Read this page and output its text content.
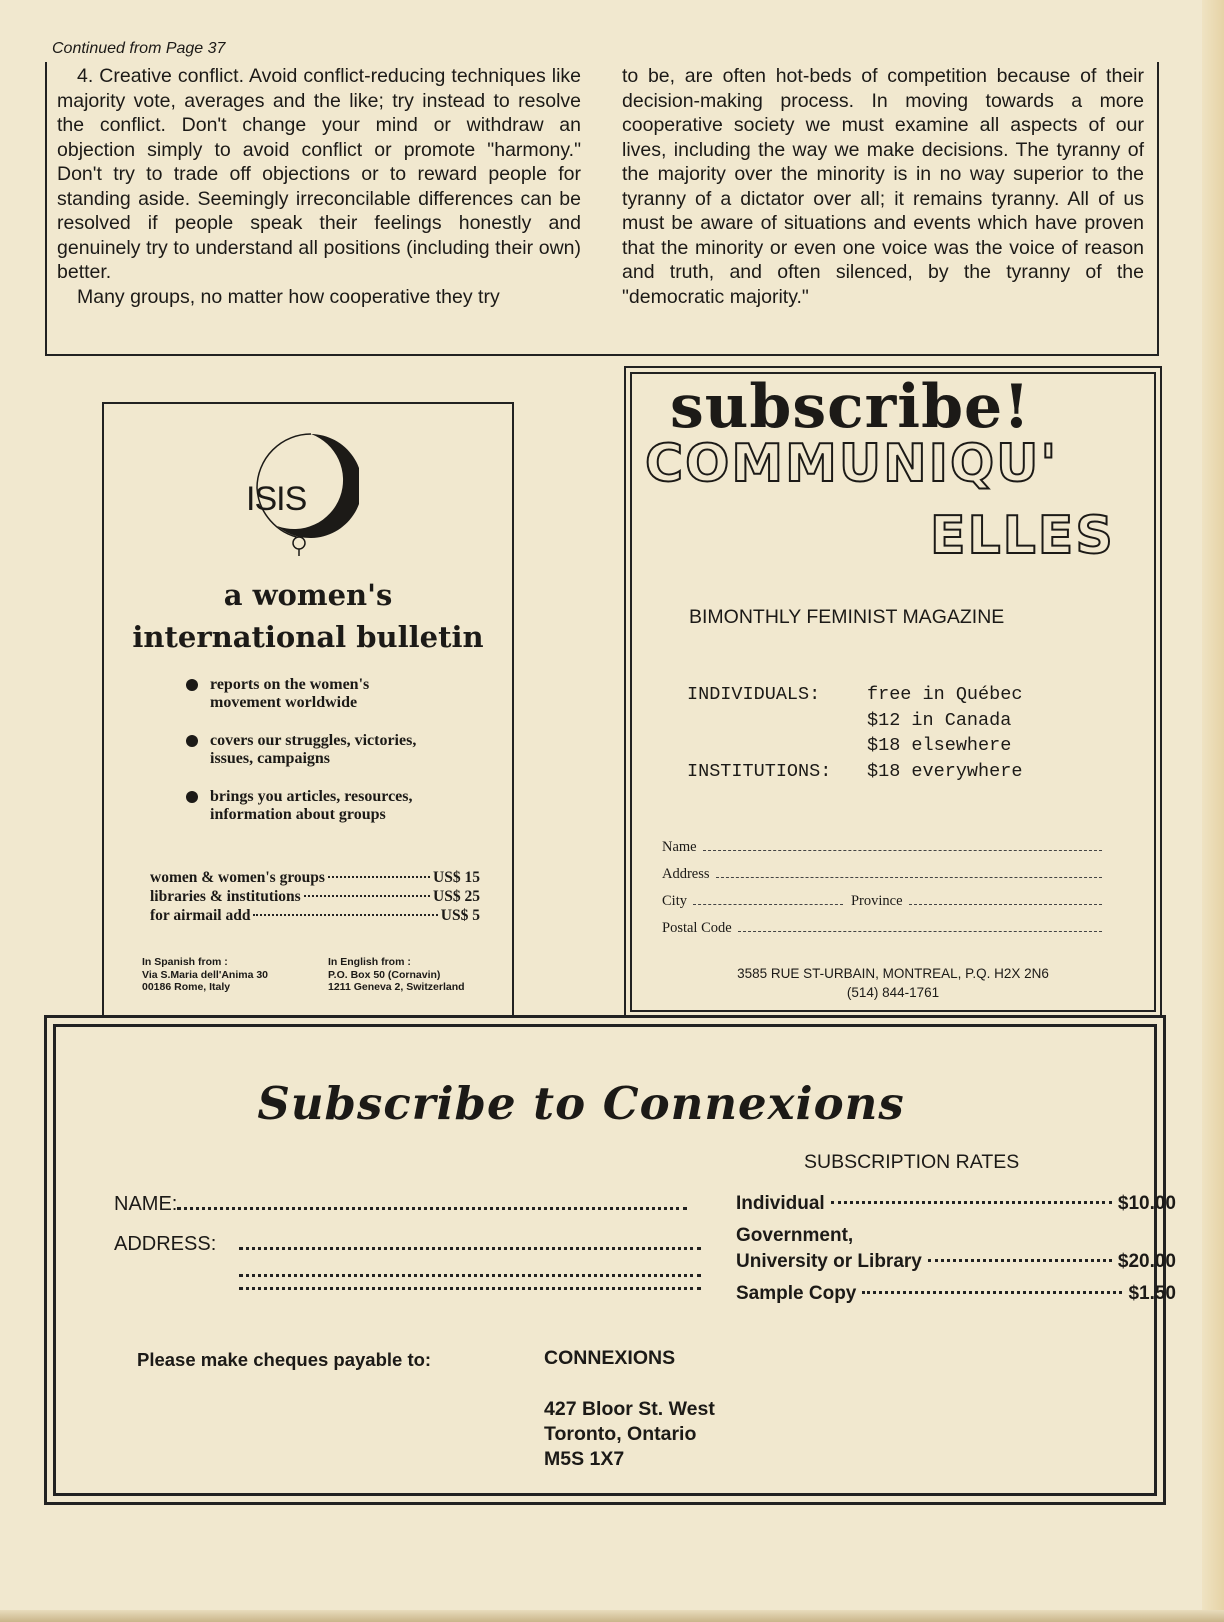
Continued from Page 37

4. Creative conflict. Avoid conflict-reducing techniques like majority vote, averages and the like; try instead to resolve the conflict. Don't change your mind or withdraw an objection simply to avoid conflict or promote "harmony." Don't try to trade off objections or to reward people for standing aside. Seemingly irreconcilable differences can be resolved if people speak their feelings honestly and genuinely try to understand all positions (including their own) better.

Many groups, no matter how cooperative they try

to be, are often hot-beds of competition because of their decision-making process. In moving towards a more cooperative society we must examine all aspects of our lives, including the way we make decisions. The tyranny of the majority over the minority is in no way superior to the tyranny of a dictator over all; it remains tyranny. All of us must be aware of situations and events which have proven that the minority or even one voice was the voice of reason and truth, and often silenced, by the tyranny of the "democratic majority."

a women's
international bulletin
reports on the women's movement worldwide
covers our struggles, victories, issues, campaigns
brings you articles, resources, information about groups
women & women's groups	US$ 15
libraries & institutions	US$ 25
for airmail add	US$ 5
In Spanish from :
Via S.Maria dell'Anima 30
00186 Rome, Italy
In English from :
P.O. Box 50 (Cornavin)
1211 Geneva 2, Switzerland
ISIS
subscribe!
COMMUNIQU'
ELLES
BIMONTHLY FEMINIST MAGAZINE
INDIVIDUALS:	free in Québec
$12 in Canada
$18 elsewhere
INSTITUTIONS:	$18 everywhere
Name
Address
City	Province
Postal Code
3585 RUE ST-URBAIN, MONTREAL, P.Q. H2X 2N6
(514) 844-1761
Subscribe to Connexions
NAME:
ADDRESS:
SUBSCRIPTION RATES
Individual	$10.00
Government,
University or Library	$20.00
Sample Copy	$1.50
Please make cheques payable to:	CONNEXIONS
427 Bloor St. West
Toronto, Ontario
M5S 1X7
